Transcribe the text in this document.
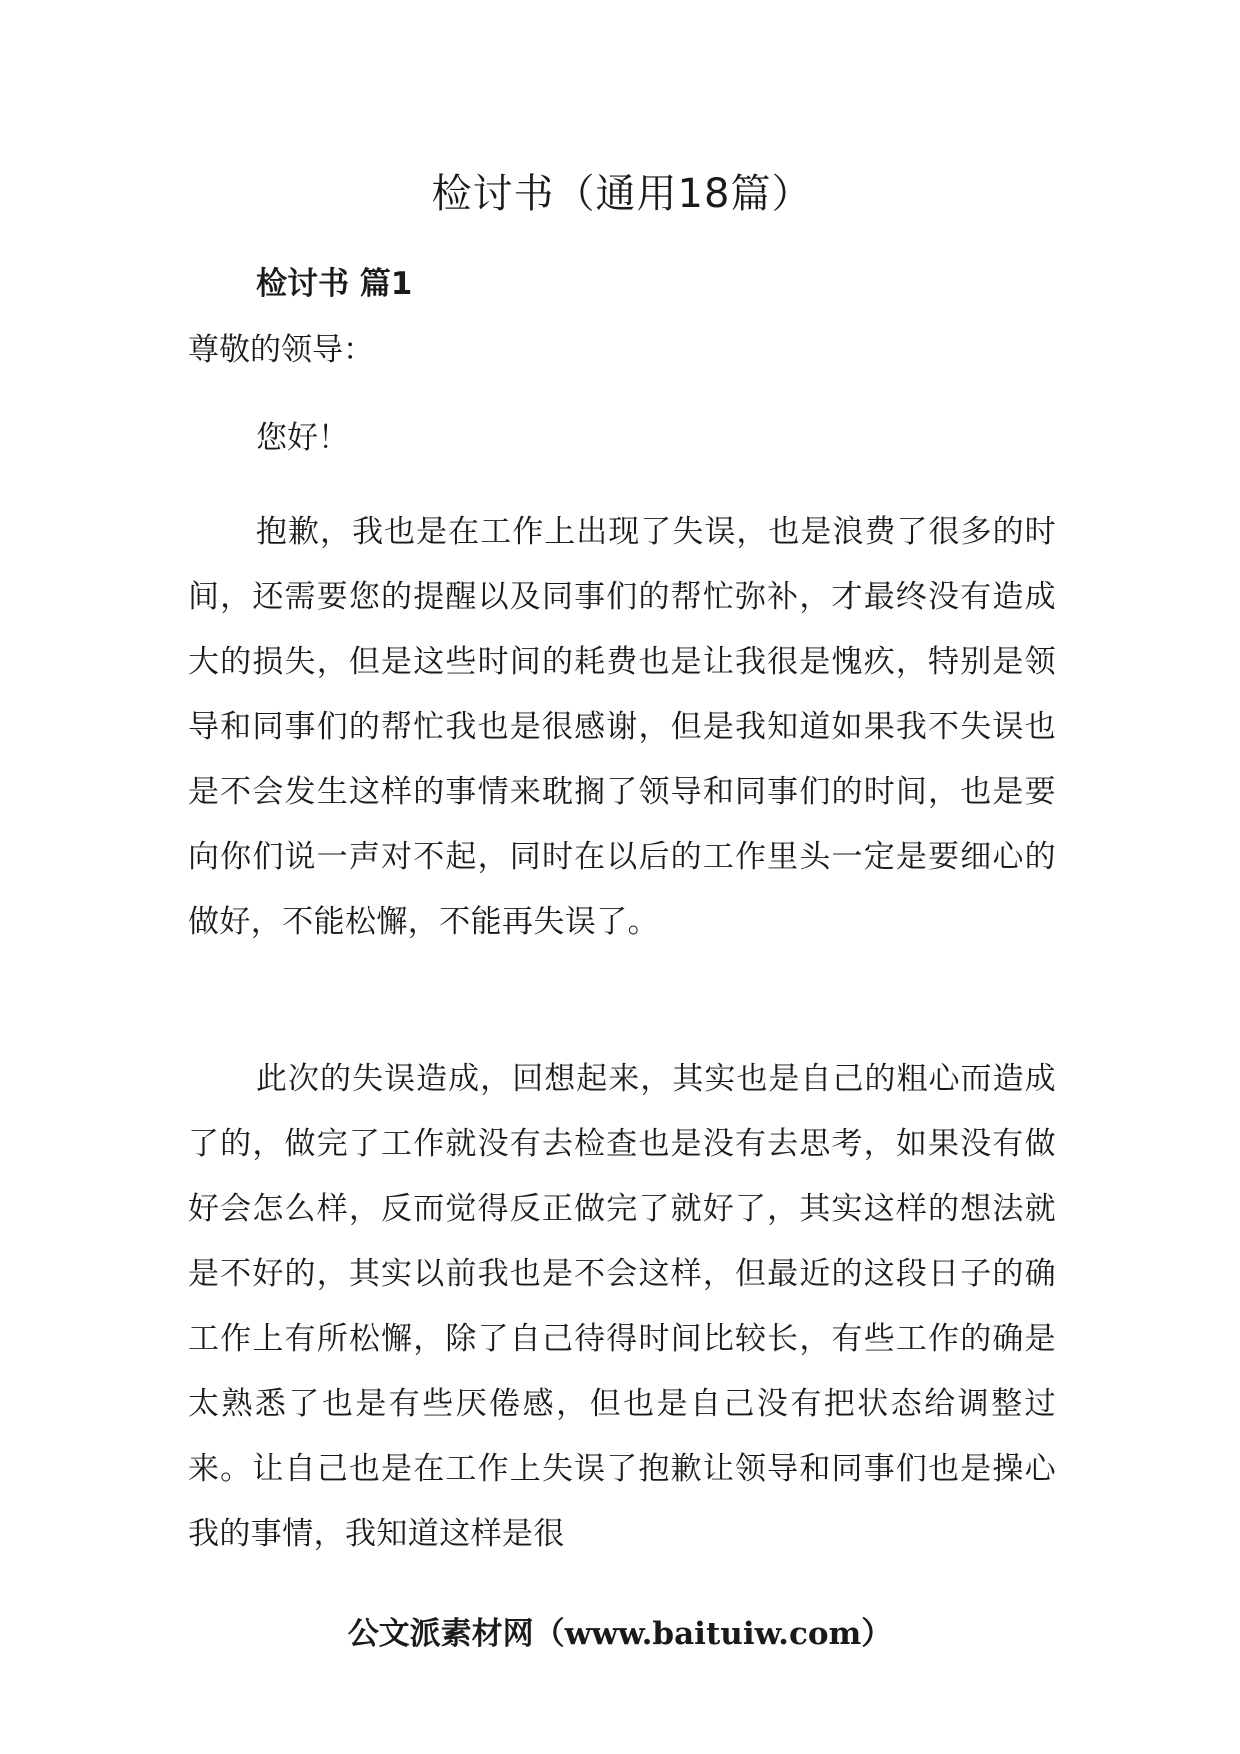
检讨书（通用18篇）
检讨书 篇1

尊敬的领导：

您好！

抱歉，我也是在工作上出现了失误，也是浪费了很多的时间，还需要您的提醒以及同事们的帮忙弥补，才最终没有造成大的损失，但是这些时间的耗费也是让我很是愧疚，特别是领导和同事们的帮忙我也是很感谢，但是我知道如果我不失误也是不会发生这样的事情来耽搁了领导和同事们的时间，也是要向你们说一声对不起，同时在以后的工作里头一定是要细心的做好，不能松懈，不能再失误了。

此次的失误造成，回想起来，其实也是自己的粗心而造成了的，做完了工作就没有去检查也是没有去思考，如果没有做好会怎么样，反而觉得反正做完了就好了，其实这样的想法就是不好的，其实以前我也是不会这样，但最近的这段日子的确工作上有所松懈，除了自己待得时间比较长，有些工作的确是太熟悉了也是有些厌倦感，但也是自己没有把状态给调整过来。让自己也是在工作上失误了抱歉让领导和同事们也是操心我的事情，我知道这样是很

公文派素材网（www.baituiw.com）
